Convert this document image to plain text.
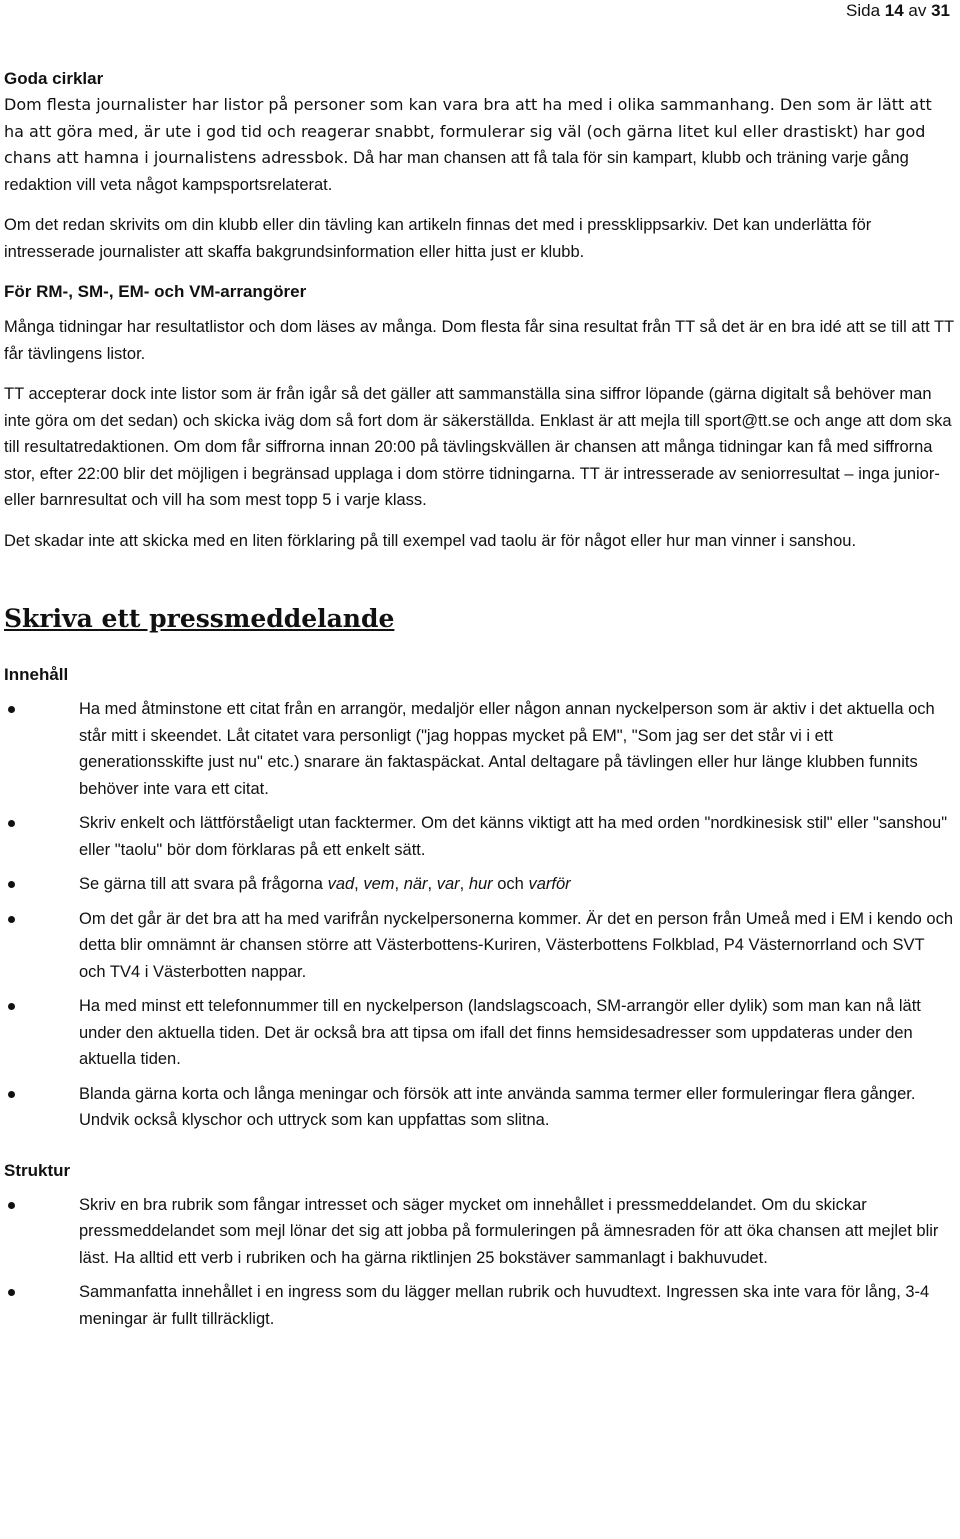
Sida 14 av 31

Goda cirklar

Dom flesta journalister har listor på personer som kan vara bra att ha med i olika sammanhang. Den som är lätt att ha att göra med, är ute i god tid och reagerar snabbt, formulerar sig väl (och gärna litet kul eller drastiskt) har god chans att hamna i journalistens adressbok. Då har man chansen att få tala för sin kampart, klubb och träning varje gång redaktion vill veta något kampsportsrelaterat.

Om det redan skrivits om din klubb eller din tävling kan artikeln finnas det med i pressklippsarkiv. Det kan underlätta för intresserade journalister att skaffa bakgrundsinformation eller hitta just er klubb.

För RM-, SM-, EM- och VM-arrangörer

Många tidningar har resultatlistor och dom läses av många. Dom flesta får sina resultat från TT så det är en bra idé att se till att TT får tävlingens listor.

TT accepterar dock inte listor som är från igår så det gäller att sammanställa sina siffror löpande (gärna digitalt så behöver man inte göra om det sedan) och skicka iväg dom så fort dom är säkerställda. Enklast är att mejla till sport@tt.se och ange att dom ska till resultatredaktionen. Om dom får siffrorna innan 20:00 på tävlingskvällen är chansen att många tidningar kan få med siffrorna stor, efter 22:00 blir det möjligen i begränsad upplaga i dom större tidningarna. TT är intresserade av seniorresultat – inga junior- eller barnresultat och vill ha som mest topp 5 i varje klass.

Det skadar inte att skicka med en liten förklaring på till exempel vad taolu är för något eller hur man vinner i sanshou.

Skriva ett pressmeddelande

Innehåll

Ha med åtminstone ett citat från en arrangör, medaljör eller någon annan nyckelperson som är aktiv i det aktuella och står mitt i skeendet. Låt citatet vara personligt ("jag hoppas mycket på EM", "Som jag ser det står vi i ett generationsskifte just nu" etc.) snarare än faktaspäckat. Antal deltagare på tävlingen eller hur länge klubben funnits behöver inte vara ett citat.
Skriv enkelt och lättförståeligt utan facktermer. Om det känns viktigt att ha med orden "nordkinesisk stil" eller "sanshou" eller "taolu" bör dom förklaras på ett enkelt sätt.
Se gärna till att svara på frågorna vad, vem, när, var, hur och varför
Om det går är det bra att ha med varifrån nyckelpersonerna kommer. Är det en person från Umeå med i EM i kendo och detta blir omnämnt är chansen större att Västerbottens-Kuriren, Västerbottens Folkblad, P4 Västernorrland och SVT och TV4 i Västerbotten nappar.
Ha med minst ett telefonnummer till en nyckelperson (landslagscoach, SM-arrangör eller dylik) som man kan nå lätt under den aktuella tiden. Det är också bra att tipsa om ifall det finns hemsidesadresser som uppdateras under den aktuella tiden.
Blanda gärna korta och långa meningar och försök att inte använda samma termer eller formuleringar flera gånger. Undvik också klyschor och uttryck som kan uppfattas som slitna.

Struktur

Skriv en bra rubrik som fångar intresset och säger mycket om innehållet i pressmeddelandet. Om du skickar pressmeddelandet som mejl lönar det sig att jobba på formuleringen på ämnesraden för att öka chansen att mejlet blir läst. Ha alltid ett verb i rubriken och ha gärna riktlinjen 25 bokstäver sammanlagt i bakhuvudet.
Sammanfatta innehållet i en ingress som du lägger mellan rubrik och huvudtext. Ingressen ska inte vara för lång, 3-4 meningar är fullt tillräckligt.
